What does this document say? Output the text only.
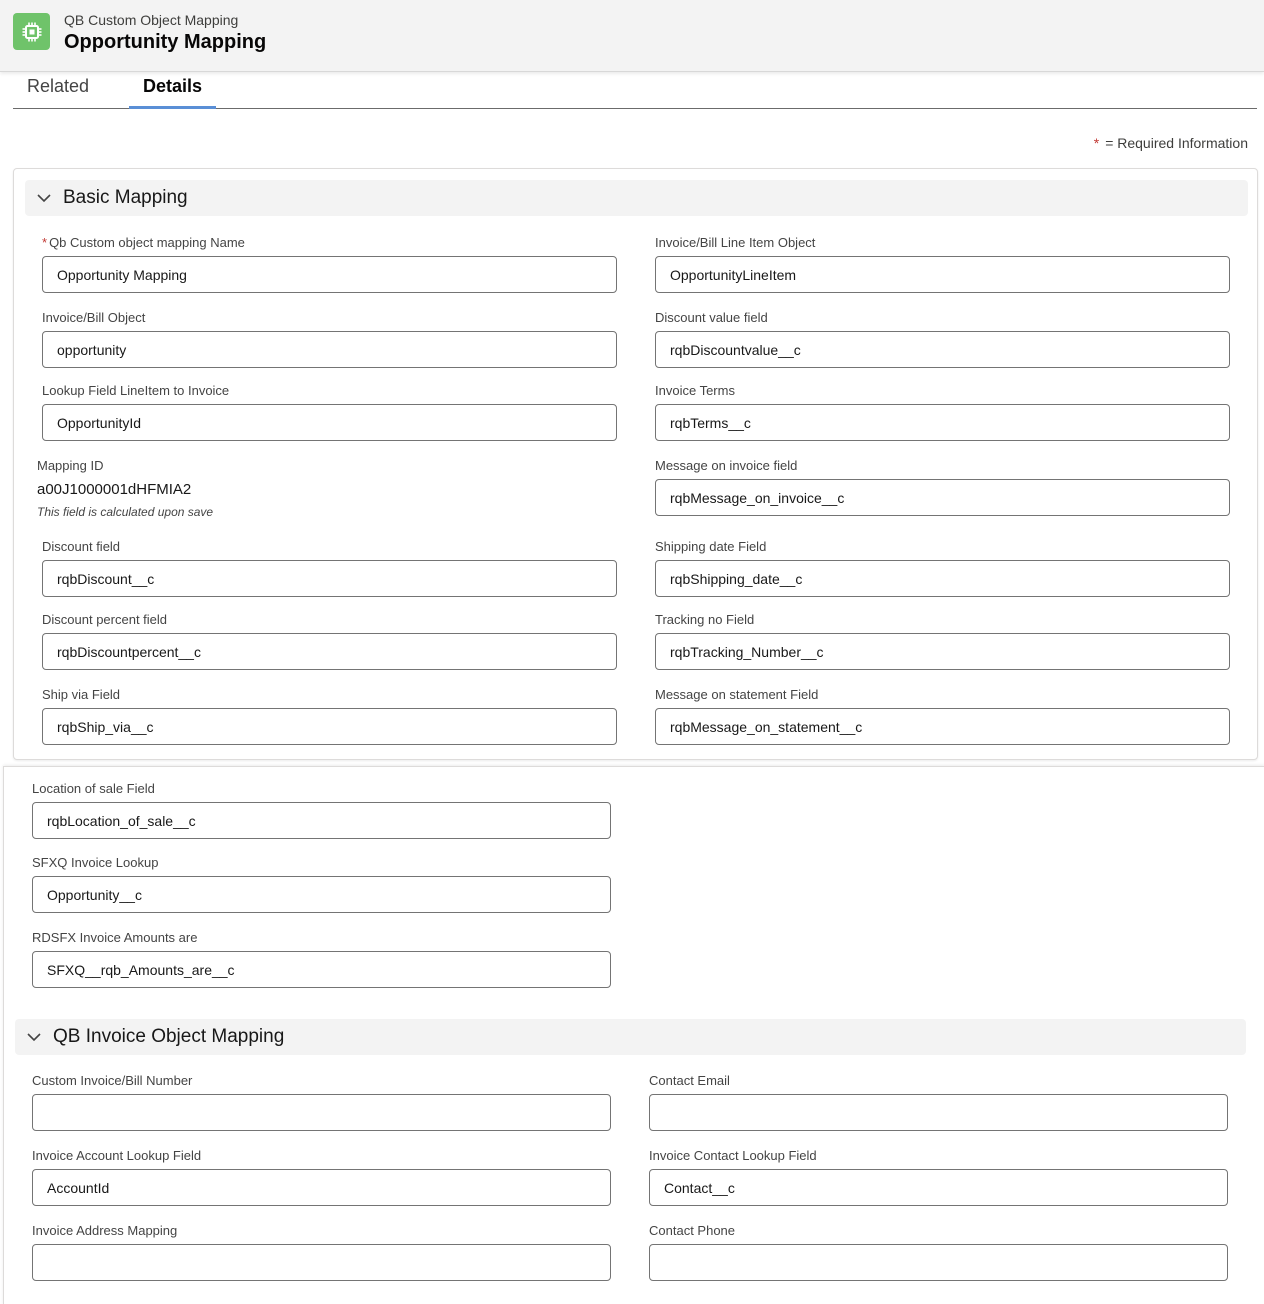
QB Custom Object Mapping
Opportunity Mapping
Related	Details
* = Required Information
Basic Mapping
* Qb Custom object mapping Name
Opportunity Mapping
Invoice/Bill Object
opportunity
Lookup Field LineItem to Invoice
OpportunityId
Mapping ID
a00J1000001dHFMIA2
This field is calculated upon save
Discount field
rqbDiscount__c
Discount percent field
rqbDiscountpercent__c
Ship via Field
rqbShip_via__c
Invoice/Bill Line Item Object
OpportunityLineItem
Discount value field
rqbDiscountvalue__c
Invoice Terms
rqbTerms__c
Message on invoice field
rqbMessage_on_invoice__c
Shipping date Field
rqbShipping_date__c
Tracking no Field
rqbTracking_Number__c
Message on statement Field
rqbMessage_on_statement__c
Location of sale Field
rqbLocation_of_sale__c
SFXQ Invoice Lookup
Opportunity__c
RDSFX Invoice Amounts are
SFXQ__rqb_Amounts_are__c
QB Invoice Object Mapping
Custom Invoice/Bill Number
Invoice Account Lookup Field
AccountId
Invoice Address Mapping
Contact Email
Invoice Contact Lookup Field
Contact__c
Contact Phone
